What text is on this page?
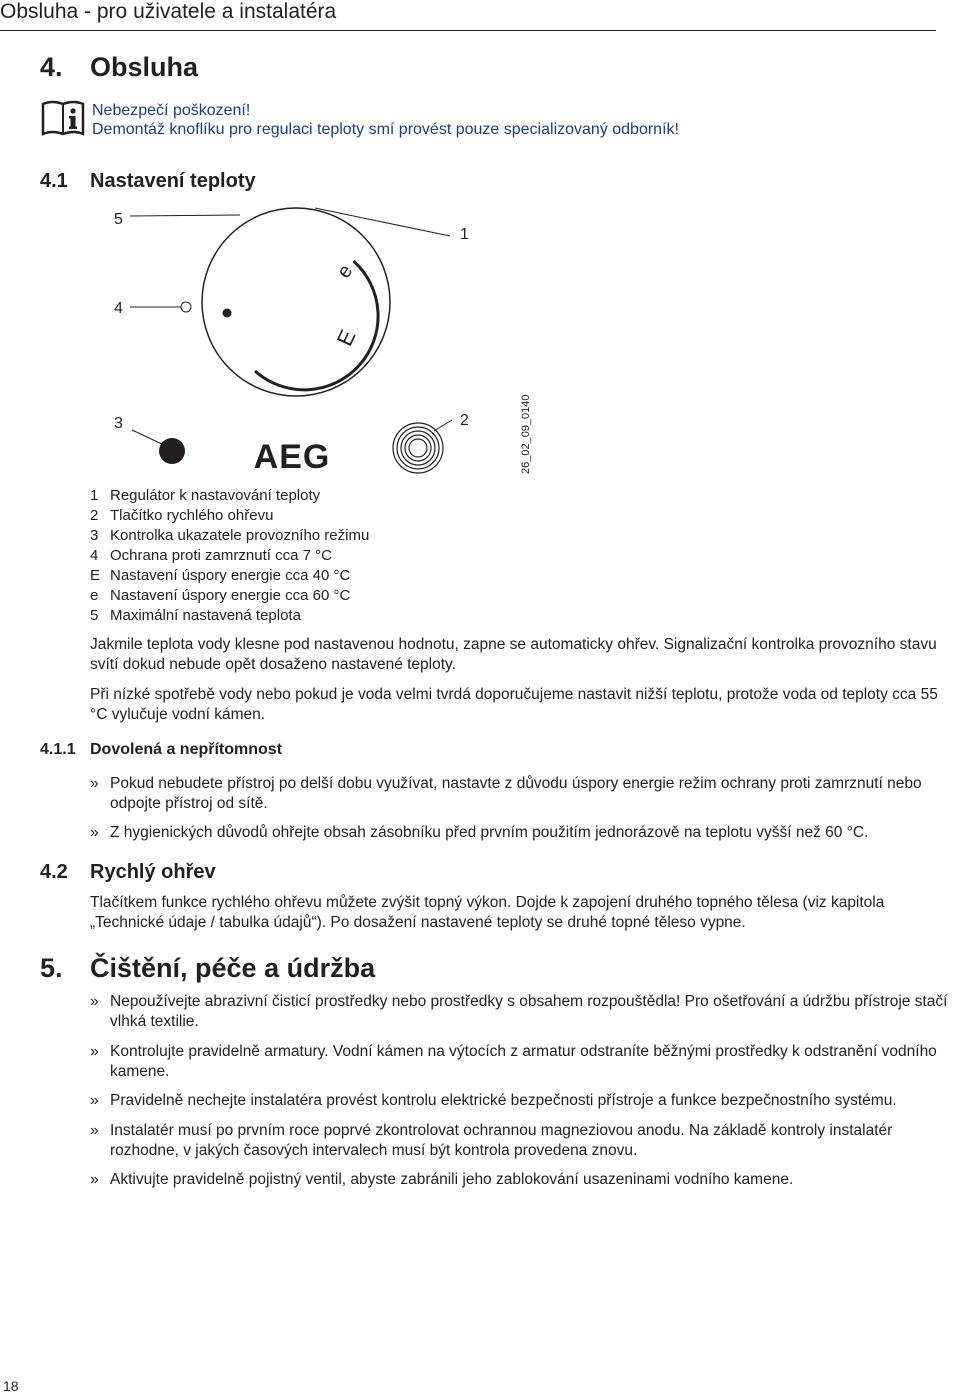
Obsluha - pro uživatele a instalatéra
4. Obsluha
Nebezpečí poškození!
Demontáž knoflíku pro regulaci teploty smí provést pouze specializovaný odborník!
4.1 Nastavení teploty
e
E
AEG
5
1
4
3	2	26_02_09_0140
1 Regulátor k nastavování teploty
2 Tlačítko rychlého ohřevu
3 Kontrolka ukazatele provozního režimu
4 Ochrana proti zamrznutí cca 7 °C
E Nastavení úspory energie cca 40 °C
e Nastavení úspory energie cca 60 °C
5 Maximální nastavená teplota
Jakmile teplota vody klesne pod nastavenou hodnotu, zapne se automaticky ohřev. Signalizační kontrolka provozního stavu svítí dokud nebude opět dosaženo nastavené teploty.
Při nízké spotřebě vody nebo pokud je voda velmi tvrdá doporučujeme nastavit nižší teplotu, protože voda od teploty cca 55 °C vylučuje vodní kámen.
4.1.1 Dovolená a nepřítomnost
» Pokud nebudete přístroj po delší dobu využívat, nastavte z důvodu úspory energie režim ochrany proti zamrznutí nebo odpojte přístroj od sítě.
» Z hygienických důvodů ohřejte obsah zásobníku před prvním použitím jednorázově na teplotu vyšší než 60 °C.
4.2 Rychlý ohřev
Tlačítkem funkce rychlého ohřevu můžete zvýšit topný výkon. Dojde k zapojení druhého topného tělesa (viz kapitola „Technické údaje / tabulka údajů“). Po dosažení nastavené teploty se druhé topné těleso vypne.
5. Čištění, péče a údržba
» Nepoužívejte abrazivní čisticí prostředky nebo prostředky s obsahem rozpouštědla! Pro ošetřování a údržbu přístroje stačí vlhká textilie.
» Kontrolujte pravidelně armatury. Vodní kámen na výtocích z armatur odstraníte běžnými prostředky k odstranění vodního kamene.
» Pravidelně nechejte instalatéra provést kontrolu elektrické bezpečnosti přístroje a funkce bezpečnostního systému.
» Instalatér musí po prvním roce poprvé zkontrolovat ochrannou magneziovou anodu. Na základě kontroly instalatér rozhodne, v jakých časových intervalech musí být kontrola provedena znovu.
» Aktivujte pravidelně pojistný ventil, abyste zabránili jeho zablokování usazeninami vodního kamene.
18
